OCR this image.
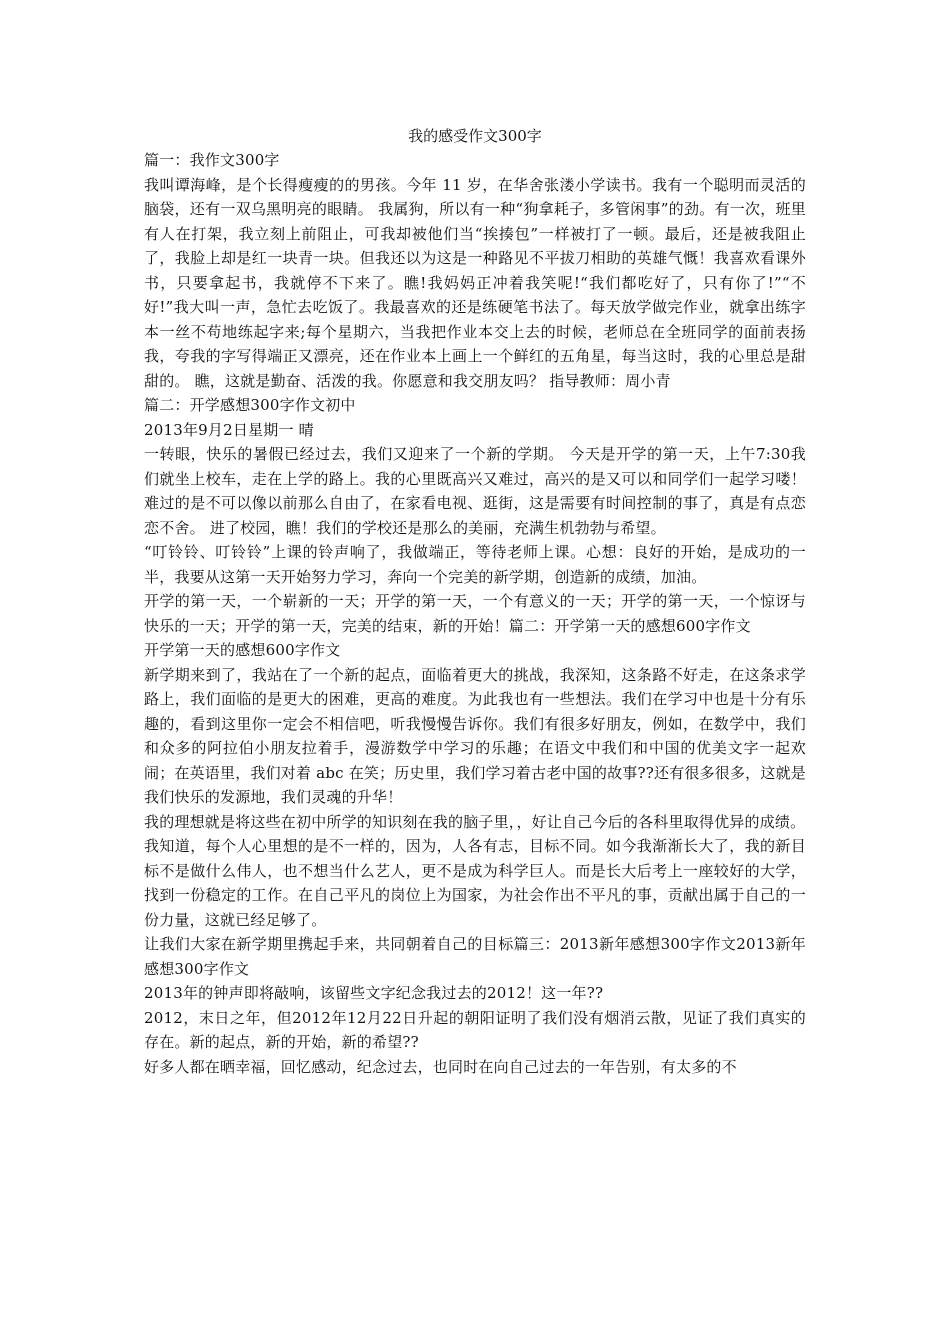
我的感受作文300字

篇一：我作文300字

我叫谭海峰，是个长得瘦瘦的的男孩。今年 11 岁，在华舍张溇小学读书。我有一个聪明而灵活的脑袋，还有一双乌黑明亮的眼睛。 我属狗，所以有一种“狗拿耗子，多管闲事”的劲。有一次，班里有人在打架，我立刻上前阻止，可我却被他们当“挨揍包”一样被打了一顿。最后，还是被我阻止了，我脸上却是红一块青一块。但我还以为这是一种路见不平拔刀相助的英雄气慨！我喜欢看课外书，只要拿起书，我就停不下来了。瞧!我妈妈正冲着我笑呢!“我们都吃好了，只有你了!”“不好!”我大叫一声，急忙去吃饭了。我最喜欢的还是练硬笔书法了。每天放学做完作业，就拿出练字本一丝不苟地练起字来;每个星期六，当我把作业本交上去的时候，老师总在全班同学的面前表扬我，夸我的字写得端正又漂亮，还在作业本上画上一个鲜红的五角星，每当这时，我的心里总是甜甜的。 瞧，这就是勤奋、活泼的我。你愿意和我交朋友吗？ 指导教师：周小青

篇二：开学感想300字作文初中

2013年9月2日星期一 晴

一转眼，快乐的暑假已经过去，我们又迎来了一个新的学期。 今天是开学的第一天，上午7:30我们就坐上校车，走在上学的路上。我的心里既高兴又难过，高兴的是又可以和同学们一起学习喽！难过的是不可以像以前那么自由了，在家看电视、逛街，这是需要有时间控制的事了，真是有点恋恋不舍。 进了校园，瞧！我们的学校还是那么的美丽，充满生机勃勃与希望。

“叮铃铃、叮铃铃”上课的铃声响了，我做端正，等待老师上课。心想：良好的开始，是成功的一半，我要从这第一天开始努力学习，奔向一个完美的新学期，创造新的成绩，加油。

开学的第一天，一个崭新的一天；开学的第一天，一个有意义的一天；开学的第一天，一个惊讶与快乐的一天；开学的第一天，完美的结束，新的开始！篇二：开学第一天的感想600字作文

开学第一天的感想600字作文

新学期来到了，我站在了一个新的起点，面临着更大的挑战，我深知，这条路不好走，在这条求学路上，我们面临的是更大的困难，更高的难度。为此我也有一些想法。我们在学习中也是十分有乐趣的，看到这里你一定会不相信吧，听我慢慢告诉你。我们有很多好朋友，例如，在数学中，我们和众多的阿拉伯小朋友拉着手，漫游数学中学习的乐趣；在语文中我们和中国的优美文字一起欢闹；在英语里，我们对着 abc 在笑；历史里，我们学习着古老中国的故事??还有很多很多，这就是我们快乐的发源地，我们灵魂的升华！

我的理想就是将这些在初中所学的知识刻在我的脑子里，，好让自己今后的各科里取得优异的成绩。

我知道，每个人心里想的是不一样的，因为，人各有志，目标不同。如今我渐渐长大了，我的新目标不是做什么伟人，也不想当什么艺人，更不是成为科学巨人。而是长大后考上一座较好的大学，找到一份稳定的工作。在自己平凡的岗位上为国家，为社会作出不平凡的事，贡献出属于自己的一份力量，这就已经足够了。

让我们大家在新学期里携起手来，共同朝着自己的目标篇三：2013新年感想300字作文2013新年感想300字作文

2013年的钟声即将敲响，该留些文字纪念我过去的2012！这一年??

2012，末日之年，但2012年12月22日升起的朝阳证明了我们没有烟消云散，见证了我们真实的存在。新的起点，新的开始，新的希望??

好多人都在晒幸福，回忆感动，纪念过去，也同时在向自己过去的一年告别，有太多的不
